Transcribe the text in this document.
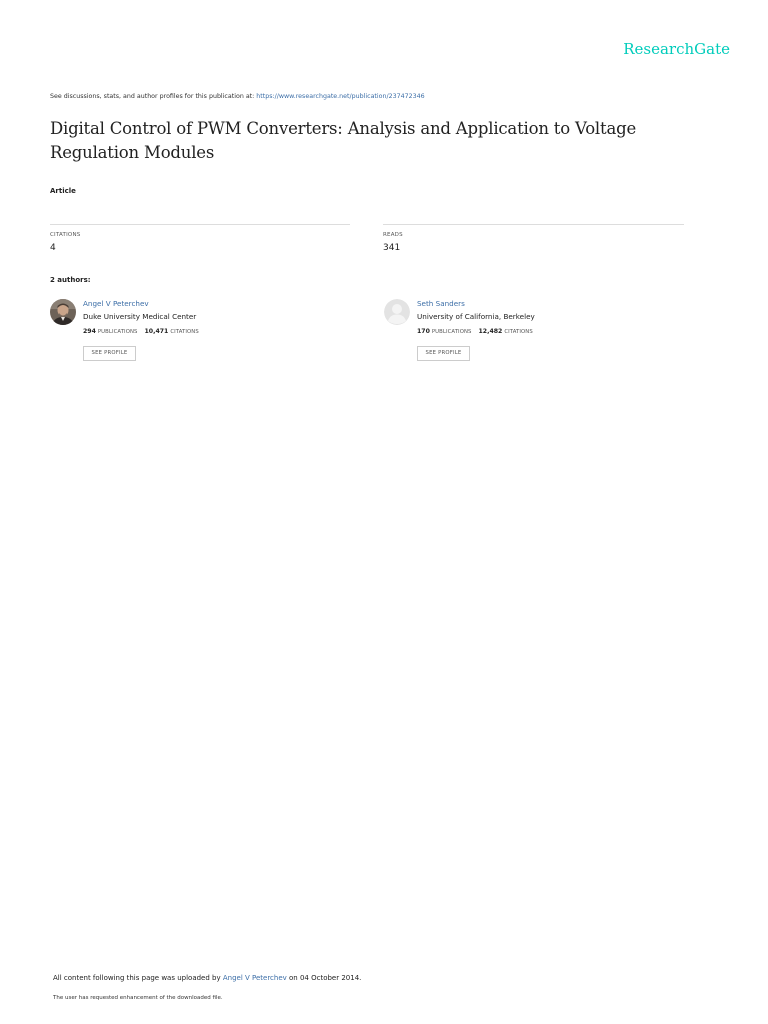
ResearchGate
See discussions, stats, and author profiles for this publication at: https://www.researchgate.net/publication/237472346
Digital Control of PWM Converters: Analysis and Application to Voltage Regulation Modules
Article
CITATIONS
4
READS
341
2 authors:
Angel V Peterchev
Duke University Medical Center
294 PUBLICATIONS 10,471 CITATIONS
SEE PROFILE
Seth Sanders
University of California, Berkeley
170 PUBLICATIONS 12,482 CITATIONS
SEE PROFILE
All content following this page was uploaded by Angel V Peterchev on 04 October 2014.
The user has requested enhancement of the downloaded file.
